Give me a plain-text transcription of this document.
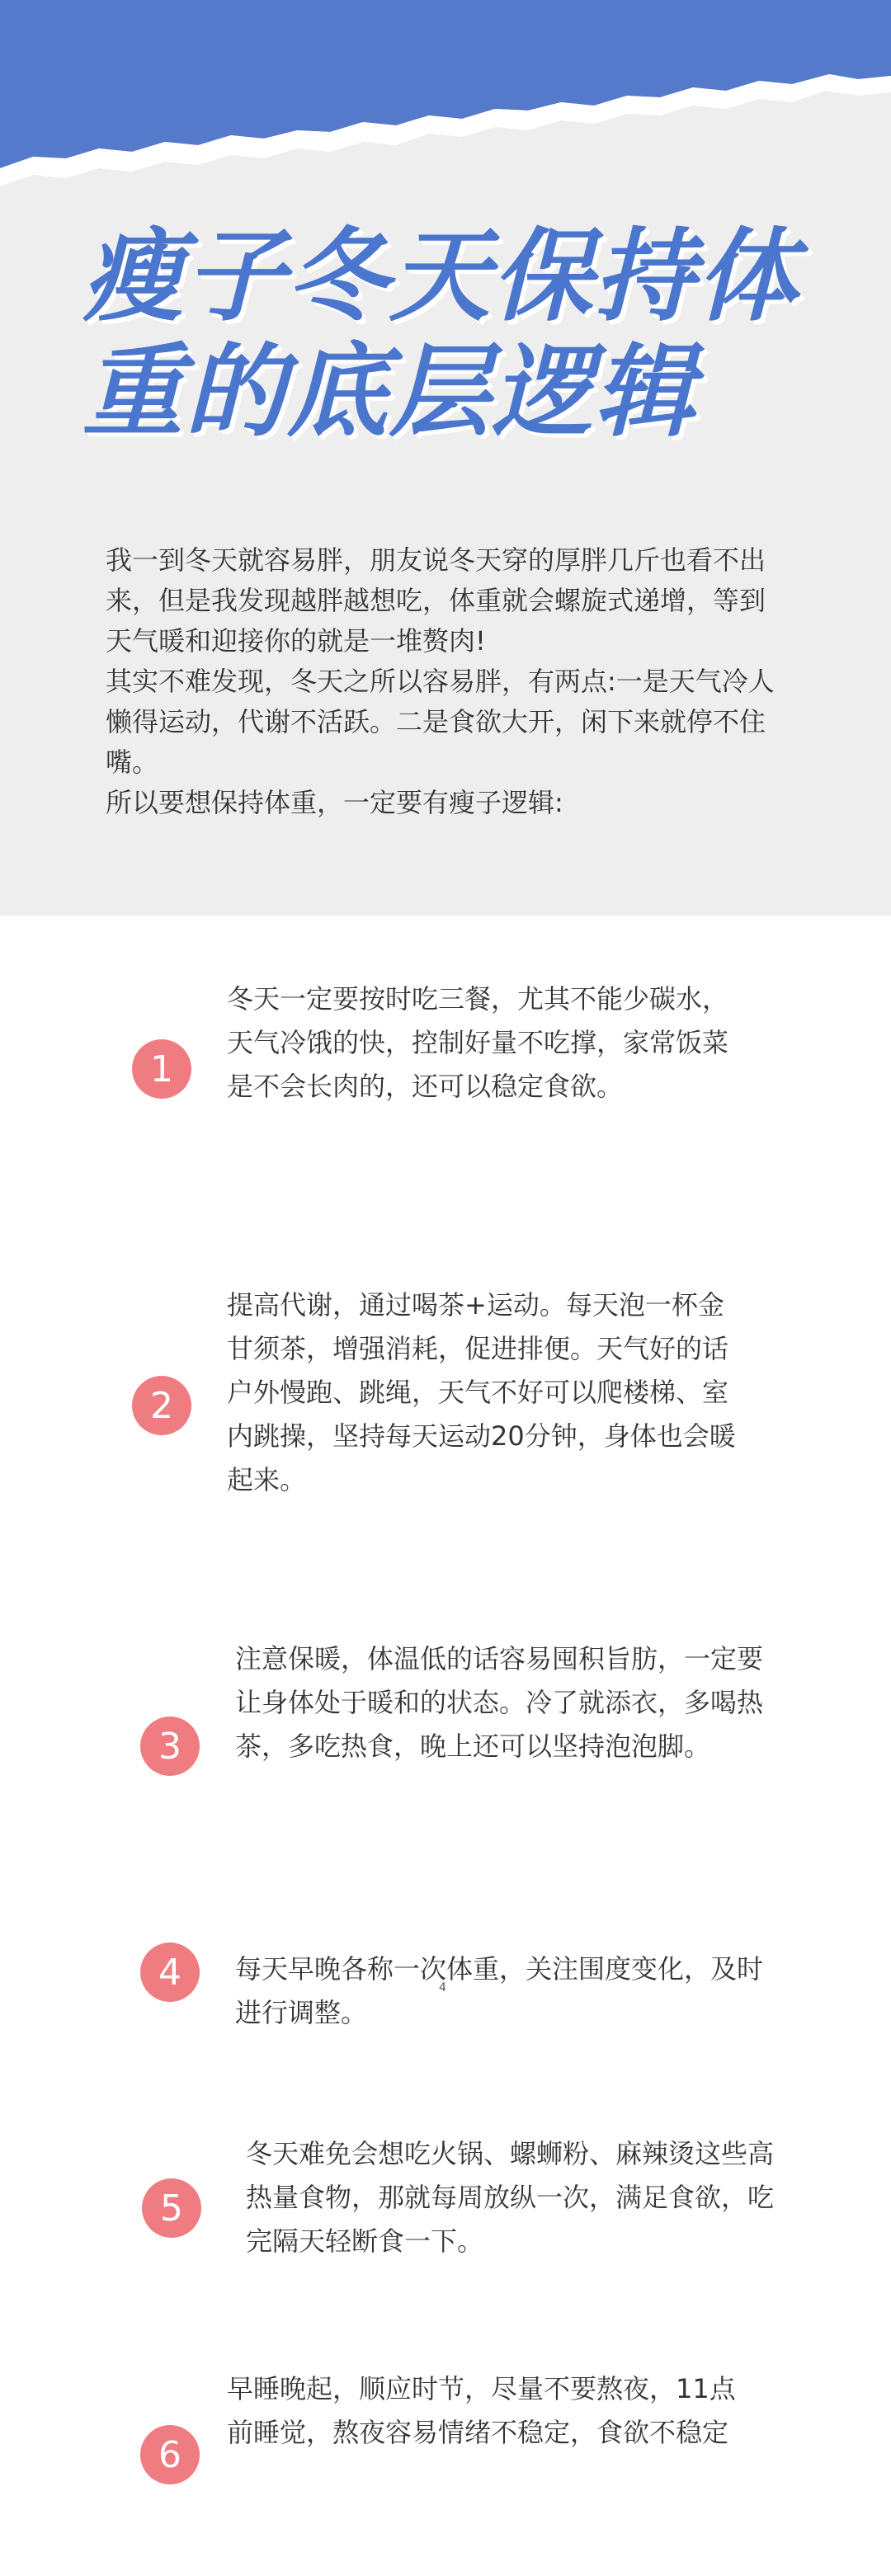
瘦子冬天保持体
重的底层逻辑

我一到冬天就容易胖，朋友说冬天穿的厚胖几斤也看不出来，但是我发现越胖越想吃，体重就会螺旋式递增，等到天气暖和迎接你的就是一堆赘肉!

其实不难发现，冬天之所以容易胖，有两点:一是天气冷人懒得运动，代谢不活跃。二是食欲大开，闲下来就停不住嘴。

所以要想保持体重，一定要有瘦子逻辑:

1
冬天一定要按时吃三餐，尤其不能少碳水，天气冷饿的快，控制好量不吃撑，家常饭菜是不会长肉的，还可以稳定食欲。
2
提高代谢，通过喝茶+运动。每天泡一杯金甘须茶，增强消耗，促进排便。天气好的话户外慢跑、跳绳，天气不好可以爬楼梯、室内跳操，坚持每天运动20分钟，身体也会暖起来。
3
注意保暖，体温低的话容易囤积旨肪，一定要让身体处于暖和的状态。冷了就添衣，多喝热茶，多吃热食，晚上还可以坚持泡泡脚。
4	每天早晚各称一次体重，关注围度变化，及时进行调整。
4
5
冬天难免会想吃火锅、螺蛳粉、麻辣烫这些高热量食物，那就每周放纵一次，满足食欲，吃完隔天轻断食一下。
6
早睡晚起，顺应时节，尽量不要熬夜，11点前睡觉，熬夜容易情绪不稳定，食欲不稳定
